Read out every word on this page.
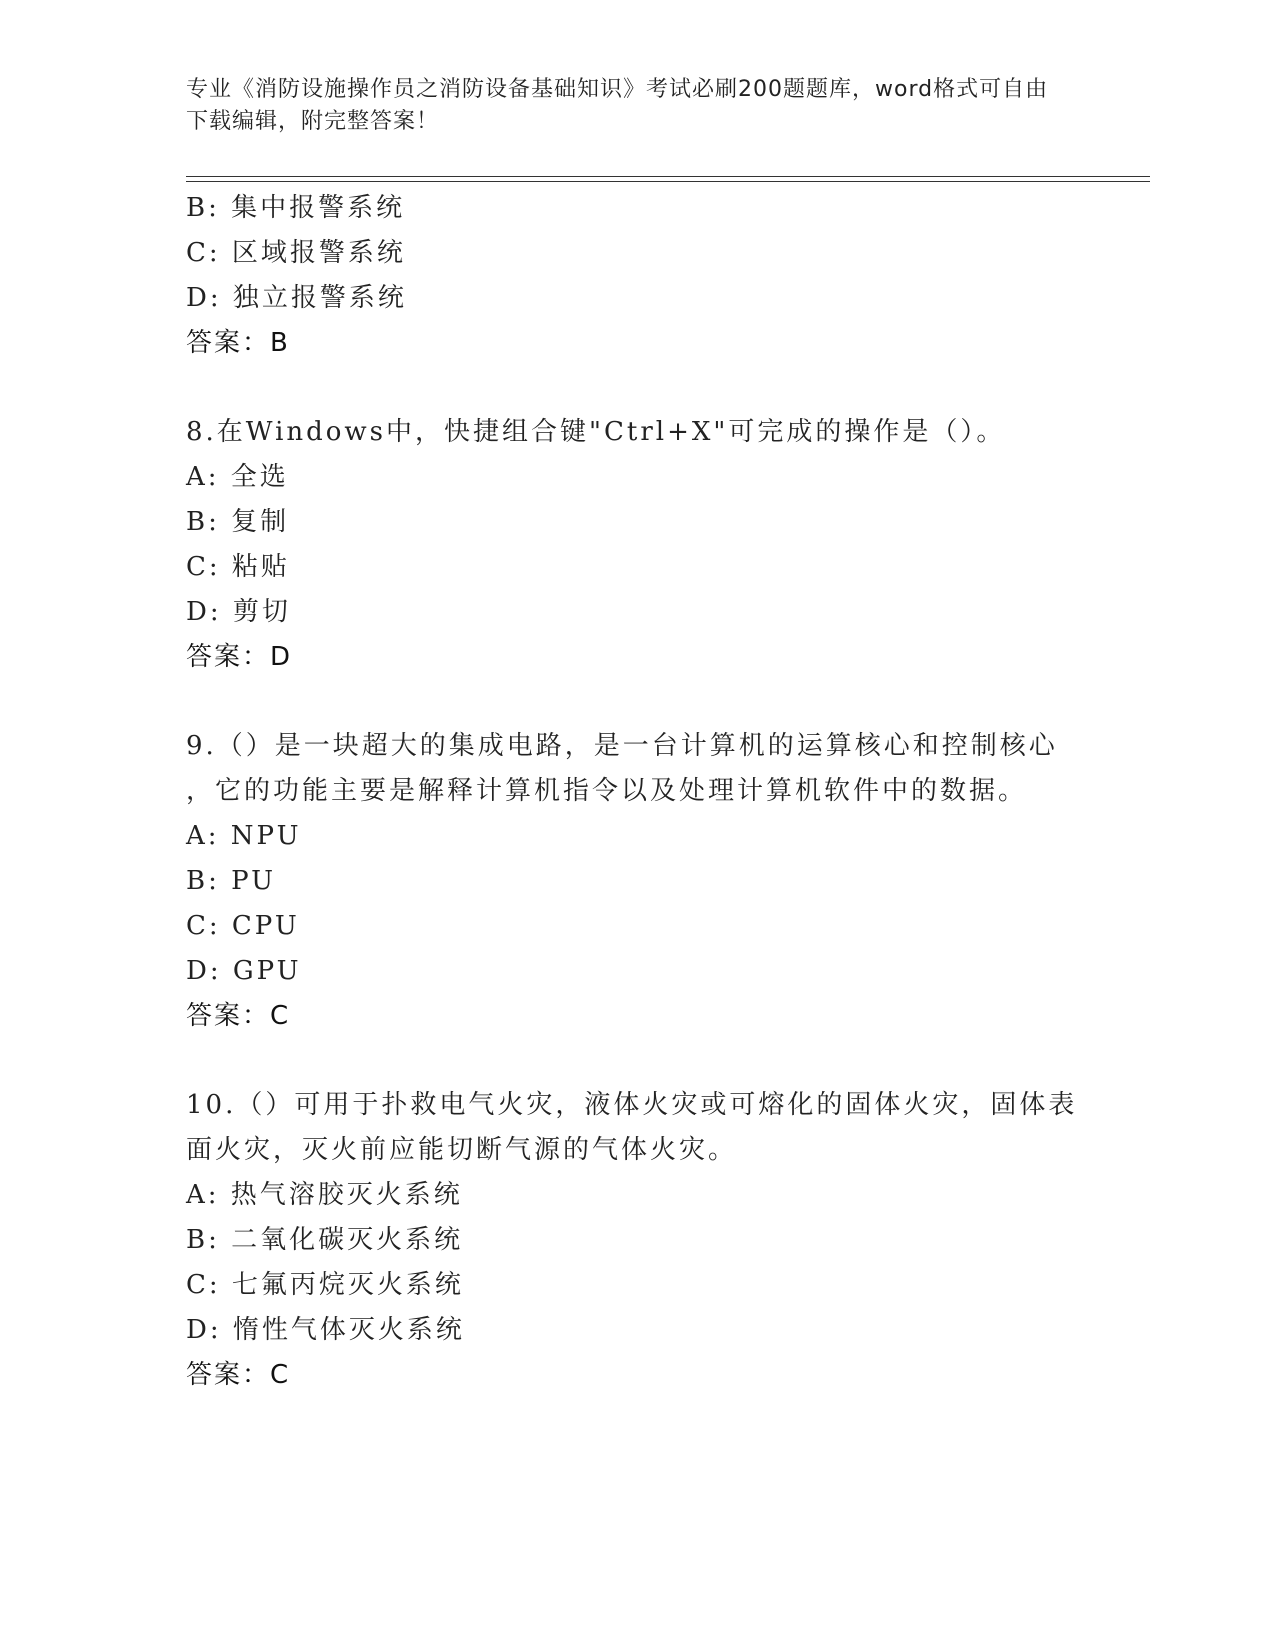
专业《消防设施操作员之消防设备基础知识》考试必刷200题题库，word格式可自由下载编辑，附完整答案！
B: 集中报警系统
C: 区域报警系统
D: 独立报警系统
答案：B
8.在Windows中，快捷组合键"Ctrl+X"可完成的操作是（）。
A: 全选
B: 复制
C: 粘贴
D: 剪切
答案：D
9.（）是一块超大的集成电路，是一台计算机的运算核心和控制核心
，它的功能主要是解释计算机指令以及处理计算机软件中的数据。
A: NPU
B: PU
C: CPU
D: GPU
答案：C
10.（）可用于扑救电气火灾，液体火灾或可熔化的固体火灾，固体表
面火灾，灭火前应能切断气源的气体火灾。
A: 热气溶胶灭火系统
B: 二氧化碳灭火系统
C: 七氟丙烷灭火系统
D: 惰性气体灭火系统
答案：C
